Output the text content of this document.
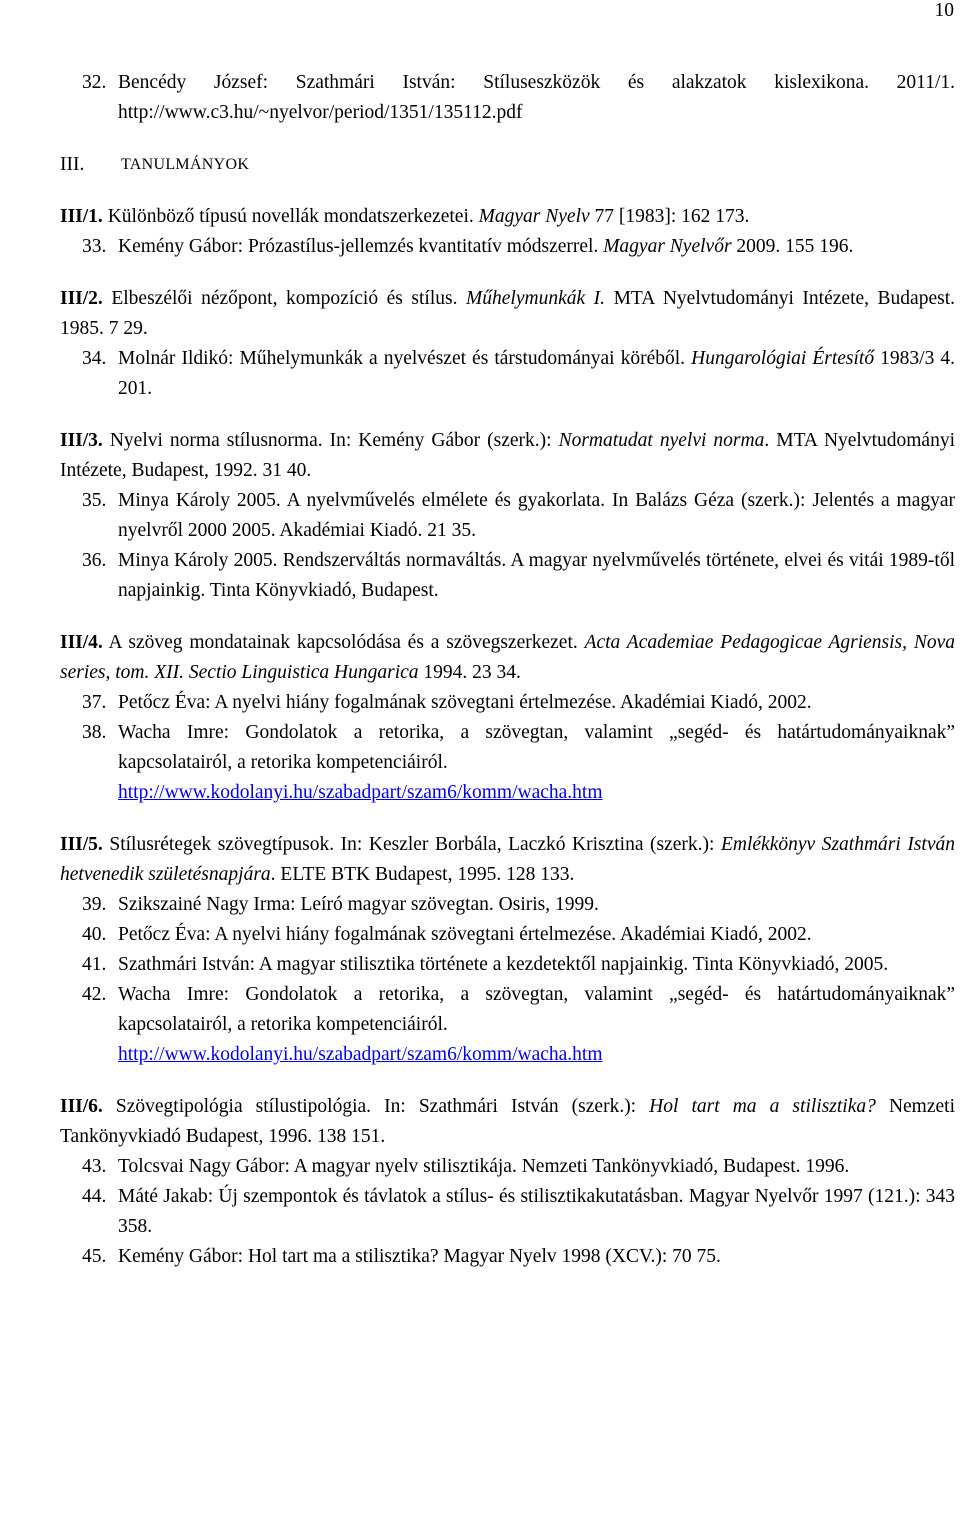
10
32. Bencédy József: Szathmári István: Stíluseszközök és alakzatok kislexikona. 2011/1. http://www.c3.hu/~nyelvor/period/1351/135112.pdf
III.	TANULMÁNYOK

III/1. Különböző típusú novellák mondatszerkezetei. Magyar Nyelv 77 [1983]: 162 173.

33. Kemény Gábor: Prózastílus-jellemzés kvantitatív módszerrel. Magyar Nyelvőr 2009. 155 196.

III/2. Elbeszélői nézőpont, kompozíció és stílus. Műhelymunkák I. MTA Nyelvtudományi Intézete, Budapest. 1985. 7 29.

34. Molnár Ildikó: Műhelymunkák a nyelvészet és társtudományai köréből. Hungarológiai Értesítő 1983/3 4. 201.

III/3. Nyelvi norma stílusnorma. In: Kemény Gábor (szerk.): Normatudat nyelvi norma. MTA Nyelvtudományi Intézete, Budapest, 1992. 31 40.

35. Minya Károly 2005. A nyelvművelés elmélete és gyakorlata. In Balázs Géza (szerk.): Jelentés a magyar nyelvről 2000 2005. Akadémiai Kiadó. 21 35.
36. Minya Károly 2005. Rendszerváltás normaváltás. A magyar nyelvművelés története, elvei és vitái 1989-től napjainkig. Tinta Könyvkiadó, Budapest.

III/4. A szöveg mondatainak kapcsolódása és a szövegszerkezet. Acta Academiae Pedagogicae Agriensis, Nova series, tom. XII. Sectio Linguistica Hungarica 1994. 23 34.

37. Petőcz Éva: A nyelvi hiány fogalmának szövegtani értelmezése. Akadémiai Kiadó, 2002.
38. Wacha Imre: Gondolatok a retorika, a szövegtan, valamint „segéd- és határtudományaiknak” kapcsolatairól, a retorika kompetenciáiról.
http://www.kodolanyi.hu/szabadpart/szam6/komm/wacha.htm

III/5. Stílusrétegek szövegtípusok. In: Keszler Borbála, Laczkó Krisztina (szerk.): Emlékkönyv Szathmári István hetvenedik születésnapjára. ELTE BTK Budapest, 1995. 128 133.

39. Szikszainé Nagy Irma: Leíró magyar szövegtan. Osiris, 1999.
40. Petőcz Éva: A nyelvi hiány fogalmának szövegtani értelmezése. Akadémiai Kiadó, 2002.
41. Szathmári István: A magyar stilisztika története a kezdetektől napjainkig. Tinta Könyvkiadó, 2005.
42. Wacha Imre: Gondolatok a retorika, a szövegtan, valamint „segéd- és határtudományaiknak” kapcsolatairól, a retorika kompetenciáiról.
http://www.kodolanyi.hu/szabadpart/szam6/komm/wacha.htm

III/6. Szövegtipológia stílustipológia. In: Szathmári István (szerk.): Hol tart ma a stilisztika? Nemzeti Tankönyvkiadó Budapest, 1996. 138 151.

43. Tolcsvai Nagy Gábor: A magyar nyelv stilisztikája. Nemzeti Tankönyvkiadó, Budapest. 1996.
44. Máté Jakab: Új szempontok és távlatok a stílus- és stilisztikakutatásban. Magyar Nyelvőr 1997 (121.): 343 358.
45. Kemény Gábor: Hol tart ma a stilisztika? Magyar Nyelv 1998 (XCV.): 70 75.
